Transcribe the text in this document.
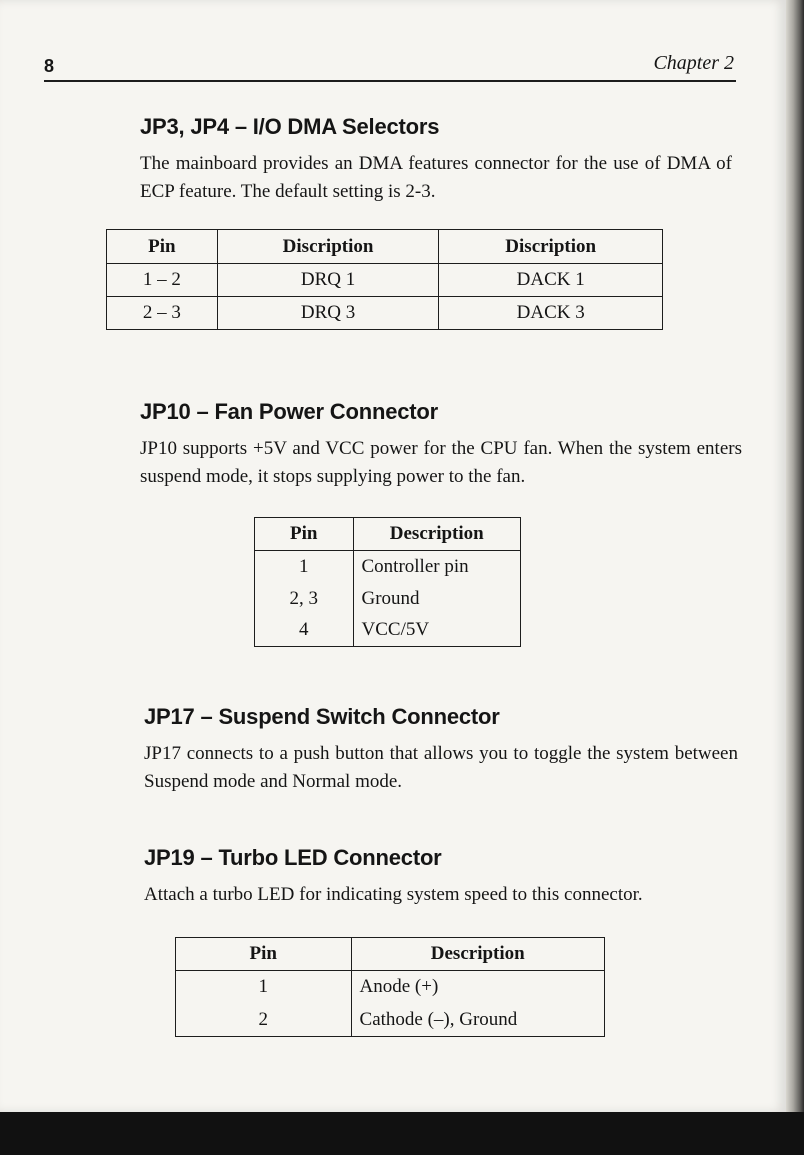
8	Chapter 2
JP3, JP4 – I/O DMA Selectors

The mainboard provides an DMA features connector for the use of DMA of ECP feature. The default setting is 2-3.

Pin	Discription	Discription
1 – 2	DRQ 1	DACK 1
2 – 3	DRQ 3	DACK 3
JP10 – Fan Power Connector

JP10 supports +5V and VCC power for the CPU fan. When the system enters suspend mode, it stops supplying power to the fan.

Pin	Description
1	Controller pin
2, 3	Ground
4	VCC/5V
JP17 – Suspend Switch Connector

JP17 connects to a push button that allows you to toggle the system between Suspend mode and Normal mode.

JP19 – Turbo LED Connector

Attach a turbo LED for indicating system speed to this connector.

Pin	Description
1	Anode (+)
2	Cathode (–), Ground
